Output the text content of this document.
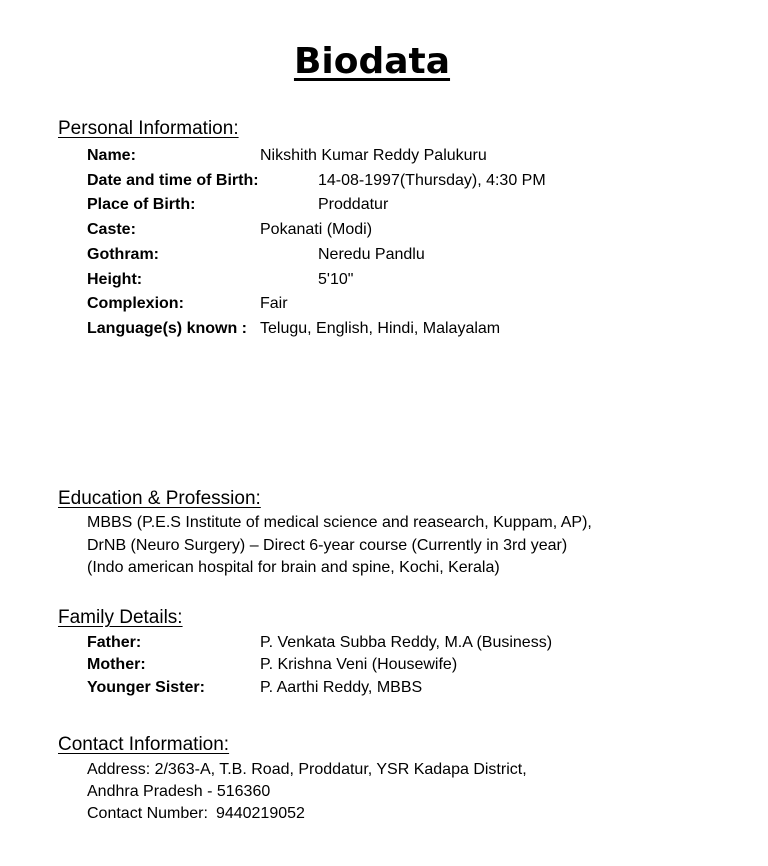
Biodata
Personal Information:
Name:	Nikshith Kumar Reddy Palukuru
Date and time of Birth:	14-08-1997(Thursday), 4:30 PM
Place of Birth:	Proddatur
Caste:	Pokanati (Modi)
Gothram:	Neredu Pandlu
Height:	5'10"
Complexion:	Fair
Language(s) known : Telugu, English, Hindi, Malayalam
Education & Profession:
MBBS (P.E.S Institute of medical science and reasearch, Kuppam, AP),
DrNB (Neuro Surgery) – Direct 6-year course (Currently in 3rd year)
(Indo american hospital for brain and spine, Kochi, Kerala)
Family Details:
Father:	P. Venkata Subba Reddy, M.A (Business)
Mother:	P. Krishna Veni (Housewife)
Younger Sister:	P. Aarthi Reddy, MBBS
Contact Information:
Address: 2/363-A, T.B. Road, Proddatur, YSR Kadapa District,
Andhra Pradesh - 516360
Contact Number: 9440219052
